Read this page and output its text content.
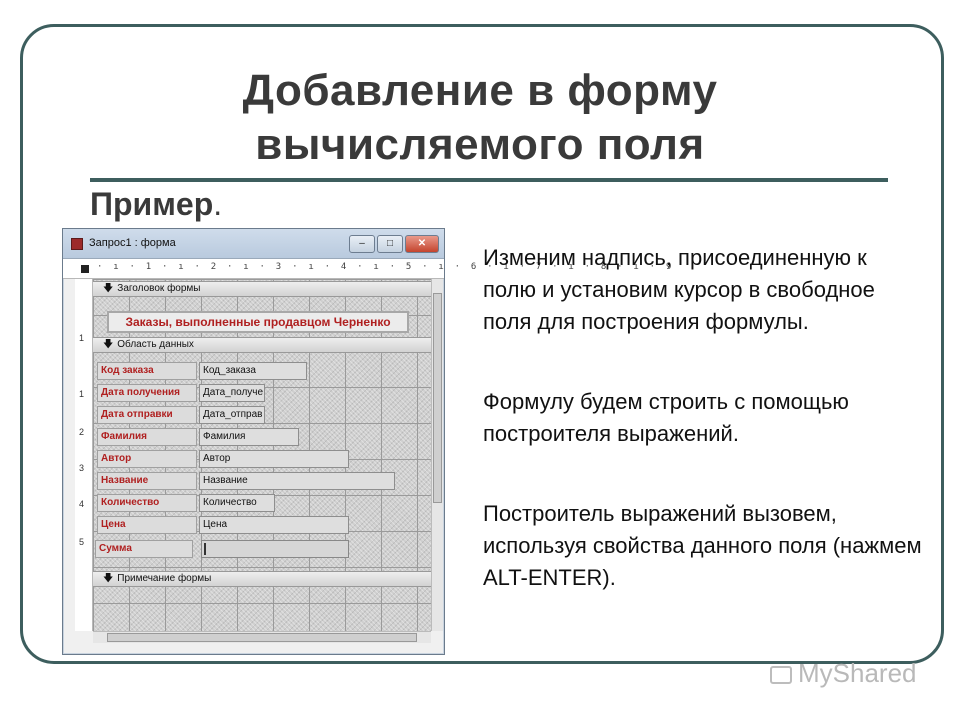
Добавление в форму
вычисляемого поля
Пример.
Запрос1 : форма	–	□	✕
·  ı  ·  1  ·  ı  ·  2  ·  ı  ·  3  ·  ı  ·  4  ·  ı  ·  5  ·  ı  ·  6  ·  ı  ·  7  ·  ı  ·  8  ·  ı  ·  9
1
1
2
3
4
5
🡇 Заголовок формы
Заказы, выполненные продавцом Черненко
🡇 Область данных
Код заказа	Код_заказа
Дата получения	Дата_получе
Дата отправки	Дата_отправ
Фамилия	Фамилия
Автор	Автор
Название	Название
Количество	Количество
Цена	Цена
Сумма
🡇 Примечание формы
Изменим надпись, присоединенную к полю и установим курсор в свободное поля для построения формулы.
Формулу будем строить с помощью построителя выражений.
Построитель выражений вызовем, используя свойства данного поля (нажмем ALT-ENTER).
MyShared
